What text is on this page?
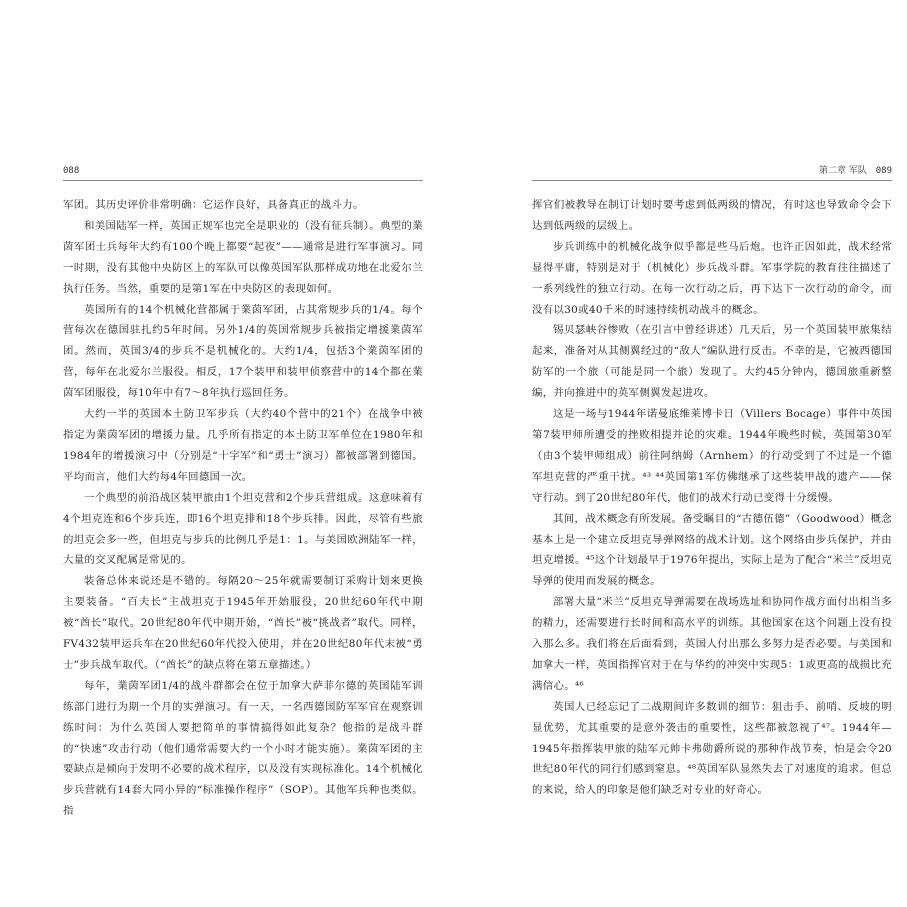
088

军团。其历史评价非常明确：它运作良好，具备真正的战斗力。

和美国陆军一样，英国正规军也完全是职业的（没有征兵制）。典型的業茵军团士兵每年大约有100个晚上都要“起夜”——通常是进行军事演习。同一时期，没有其他中央防区上的军队可以像英国军队那样成功地在北爱尔兰执行任务。当然，重要的是第1军在中央防区的表现如何。

英国所有的14个机械化营都属于業茵军团，占其常规步兵的1/4。每个营每次在德国驻扎约5年时间。另外1/4的英国常规步兵被指定增援業茵军团。然而，英国3/4的步兵不是机械化的。大约1/4，包括3个業茵军团的营，每年在北爱尔兰服役。相反，17个装甲和装甲侦察营中的14个都在業茵军团服役，每10年中有7～8年执行巡回任务。

大约一半的英国本土防卫军步兵（大约40个营中的21个）在战争中被指定为業茵军团的增援力量。几乎所有指定的本土防卫军单位在1980年和1984年的增援演习中（分别是“十字军”和“勇士”演习）都被部署到德国。平均而言，他们大约每4年回德国一次。

一个典型的前沿战区装甲旅由1个坦克营和2个步兵营组成。这意味着有4个坦克连和6个步兵连，即16个坦克排和18个步兵排。因此，尽管有些旅的坦克会多一些，但坦克与步兵的比例几乎是1：1。与美国欧洲陆军一样，大量的交叉配属是常见的。

装备总体来说还是不错的。每隔20～25年就需要制订采购计划来更换主要装备。“百夫长”主战坦克于1945年开始服役，20世纪60年代中期被“酋长”取代。20世纪80年代中期开始，“酋长”被“挑战者”取代。同样，FV432装甲运兵车在20世纪60年代投入使用，并在20世纪80年代末被“勇士”步兵战车取代。（“酋长”的缺点将在第五章描述。）

每年，業茵军团1/4的战斗群都会在位于加拿大萨菲尔德的英国陆军训练部门进行为期一个月的实弹演习。有一天，一名西德国防军军官在观察训练时问：为什么英国人要把简单的事情搞得如此复杂？他指的是战斗群的“快速”攻击行动（他们通常需要大约一个小时才能实施）。業茵军团的主要缺点是倾向于发明不必要的战术程序，以及没有实现标准化。14个机械化步兵营就有14套大同小异的“标准操作程序”（SOP）。其他军兵种也类似。指

第二章 军队 089

挥官们被教导在制订计划时要考虑到低两级的情况，有时这也导致命令会下达到低两级的层级上。

步兵训练中的机械化战争似乎都是些马后炮。也许正因如此，战术经常显得平庸，特别是对于（机械化）步兵战斗群。军事学院的教育往往描述了一系列线性的独立行动。在每一次行动之后，再下达下一次行动的命令，而没有以30或40千米的时速持续机动战斗的概念。

锡贝瑟峡谷惨败（在引言中曾经讲述）几天后，另一个英国装甲旅集结起来，准备对从其侧翼经过的“敌人”编队进行反击。不幸的是，它被西德国防军的一个旅（可能是同一个旅）发现了。大约45分钟内，德国旅重新整编，并向推进中的英军侧翼发起进攻。

这是一场与1944年诺曼底维莱博卡日（Villers Bocage）事件中英国第7装甲师所遭受的挫败相提并论的灾难。1944年晚些时候，英国第30军（由3个装甲师组成）前往阿纳姆（Arnhem）的行动受到了不过是一个德军坦克营的严重干扰。⁴³ ⁴⁴英国第1军仿佛继承了这些装甲战的遗产——保守行动。到了20世纪80年代，他们的战术行动已变得十分缓慢。

其间，战术概念有所发展。备受瞩目的“古德伍德”（Goodwood）概念基本上是一个建立反坦克导弹网络的战术计划。这个网络由步兵保护，并由坦克增援。⁴⁵这个计划最早于1976年提出，实际上是为了配合“米兰”反坦克导弹的使用而发展的概念。

部署大量“米兰”反坦克导弹需要在战场选址和协同作战方面付出相当多的精力，还需要进行长时间和高水平的训练。其他国家在这个问题上没有投入那么多。我们将在后面看到，英国人付出那么多努力是否必要。与美国和加拿大一样，英国指挥官对于在与华约的冲突中实现5：1或更高的战损比充满信心。⁴⁶

英国人已经忘记了二战期间许多数训的细节：狙击手、前哨、反坡的明显优势，尤其重要的是意外袭击的重要性，这些都被忽视了⁴⁷。1944年—1945年指挥装甲旅的陆军元帅卡弗勋爵所说的那种作战节奏，怕是会令20世纪80年代的同行们感到窒息。⁴⁸英国军队显然失去了对速度的追求。但总的来说，给人的印象是他们缺乏对专业的好奇心。
